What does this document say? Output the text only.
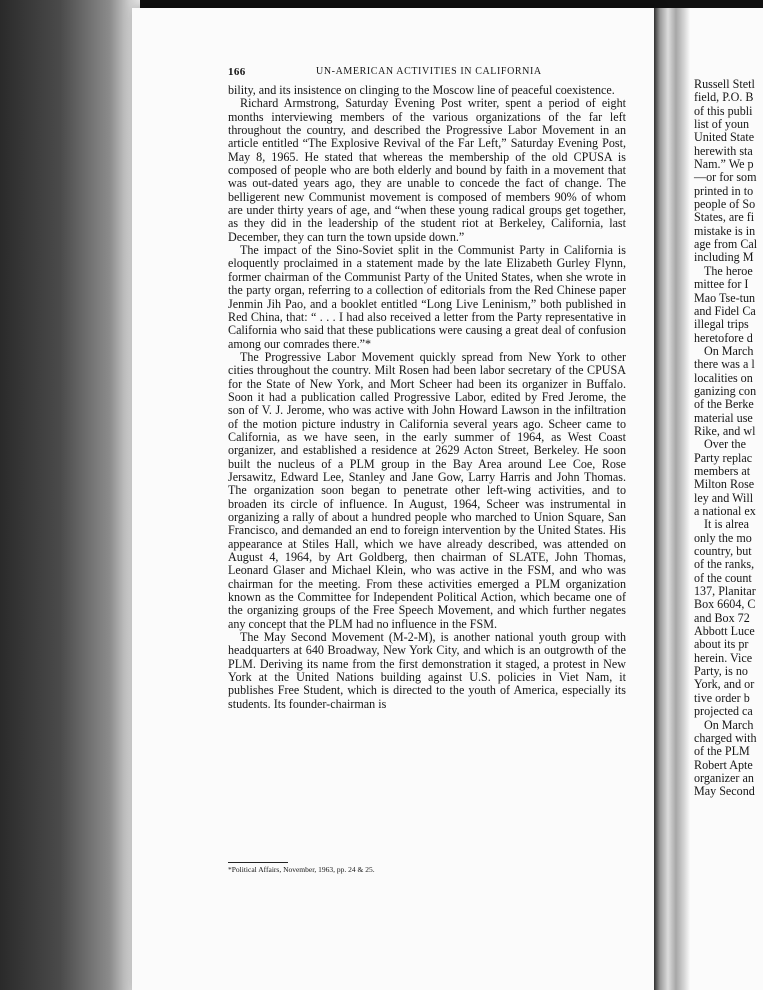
166	UN-AMERICAN ACTIVITIES IN CALIFORNIA

bility, and its insistence on clinging to the Moscow line of peaceful coexistence.

Richard Armstrong, Saturday Evening Post writer, spent a period of eight months interviewing members of the various organizations of the far left throughout the country, and described the Progressive Labor Movement in an article entitled “The Explosive Revival of the Far Left,” Saturday Evening Post, May 8, 1965. He stated that whereas the membership of the old CPUSA is composed of people who are both elderly and bound by faith in a movement that was out-dated years ago, they are unable to concede the fact of change. The belligerent new Communist movement is composed of members 90% of whom are under thirty years of age, and “when these young radical groups get together, as they did in the leadership of the student riot at Berkeley, California, last December, they can turn the town upside down.”

The impact of the Sino-Soviet split in the Communist Party in California is eloquently proclaimed in a statement made by the late Elizabeth Gurley Flynn, former chairman of the Communist Party of the United States, when she wrote in the party organ, referring to a collection of editorials from the Red Chinese paper Jenmin Jih Pao, and a booklet entitled “Long Live Leninism,” both published in Red China, that: “ . . . I had also received a letter from the Party representative in California who said that these publications were causing a great deal of confusion among our comrades there.”*

The Progressive Labor Movement quickly spread from New York to other cities throughout the country. Milt Rosen had been labor secretary of the CPUSA for the State of New York, and Mort Scheer had been its organizer in Buffalo. Soon it had a publication called Progressive Labor, edited by Fred Jerome, the son of V. J. Jerome, who was active with John Howard Lawson in the infiltration of the motion picture industry in California several years ago. Scheer came to California, as we have seen, in the early summer of 1964, as West Coast organizer, and established a residence at 2629 Acton Street, Berkeley. He soon built the nucleus of a PLM group in the Bay Area around Lee Coe, Rose Jersawitz, Edward Lee, Stanley and Jane Gow, Larry Harris and John Thomas. The organization soon began to penetrate other left-wing activities, and to broaden its circle of influence. In August, 1964, Scheer was instrumental in organizing a rally of about a hundred people who marched to Union Square, San Francisco, and demanded an end to foreign intervention by the United States. His appearance at Stiles Hall, which we have already described, was attended on August 4, 1964, by Art Goldberg, then chairman of SLATE, John Thomas, Leonard Glaser and Michael Klein, who was active in the FSM, and who was chairman for the meeting. From these activities emerged a PLM organization known as the Committee for Independent Political Action, which became one of the organizing groups of the Free Speech Movement, and which further negates any concept that the PLM had no influence in the FSM.

The May Second Movement (M-2-M), is another national youth group with headquarters at 640 Broadway, New York City, and which is an outgrowth of the PLM. Deriving its name from the first demonstration it staged, a protest in New York at the United Nations building against U.S. policies in Viet Nam, it publishes Free Student, which is directed to the youth of America, especially its students. Its founder-chairman is

*Political Affairs, November, 1963, pp. 24 & 25.
Russell Stetl
field, P.O. B
of this publi
list of youn
United State
herewith sta
Nam.” We p
—or for som
printed in to
people of So
States, are fi
mistake is in
age from Cal
including M
The heroe
mittee for I
Mao Tse-tun
and Fidel Ca
illegal trips
heretofore d
On March
there was a l
localities on
ganizing con
of the Berke
material use
Rike, and wl
Over the
Party replac
members at
Milton Rose
ley and Will
a national ex
It is alrea
only the mo
country, but
of the ranks,
of the count
137, Planitar
Box 6604, C
and Box 72
Abbott Luce
about its pr
herein. Vice
Party, is no
York, and or
tive order b
projected ca
On March
charged with
of the PLM
Robert Apte
organizer an
May Second
